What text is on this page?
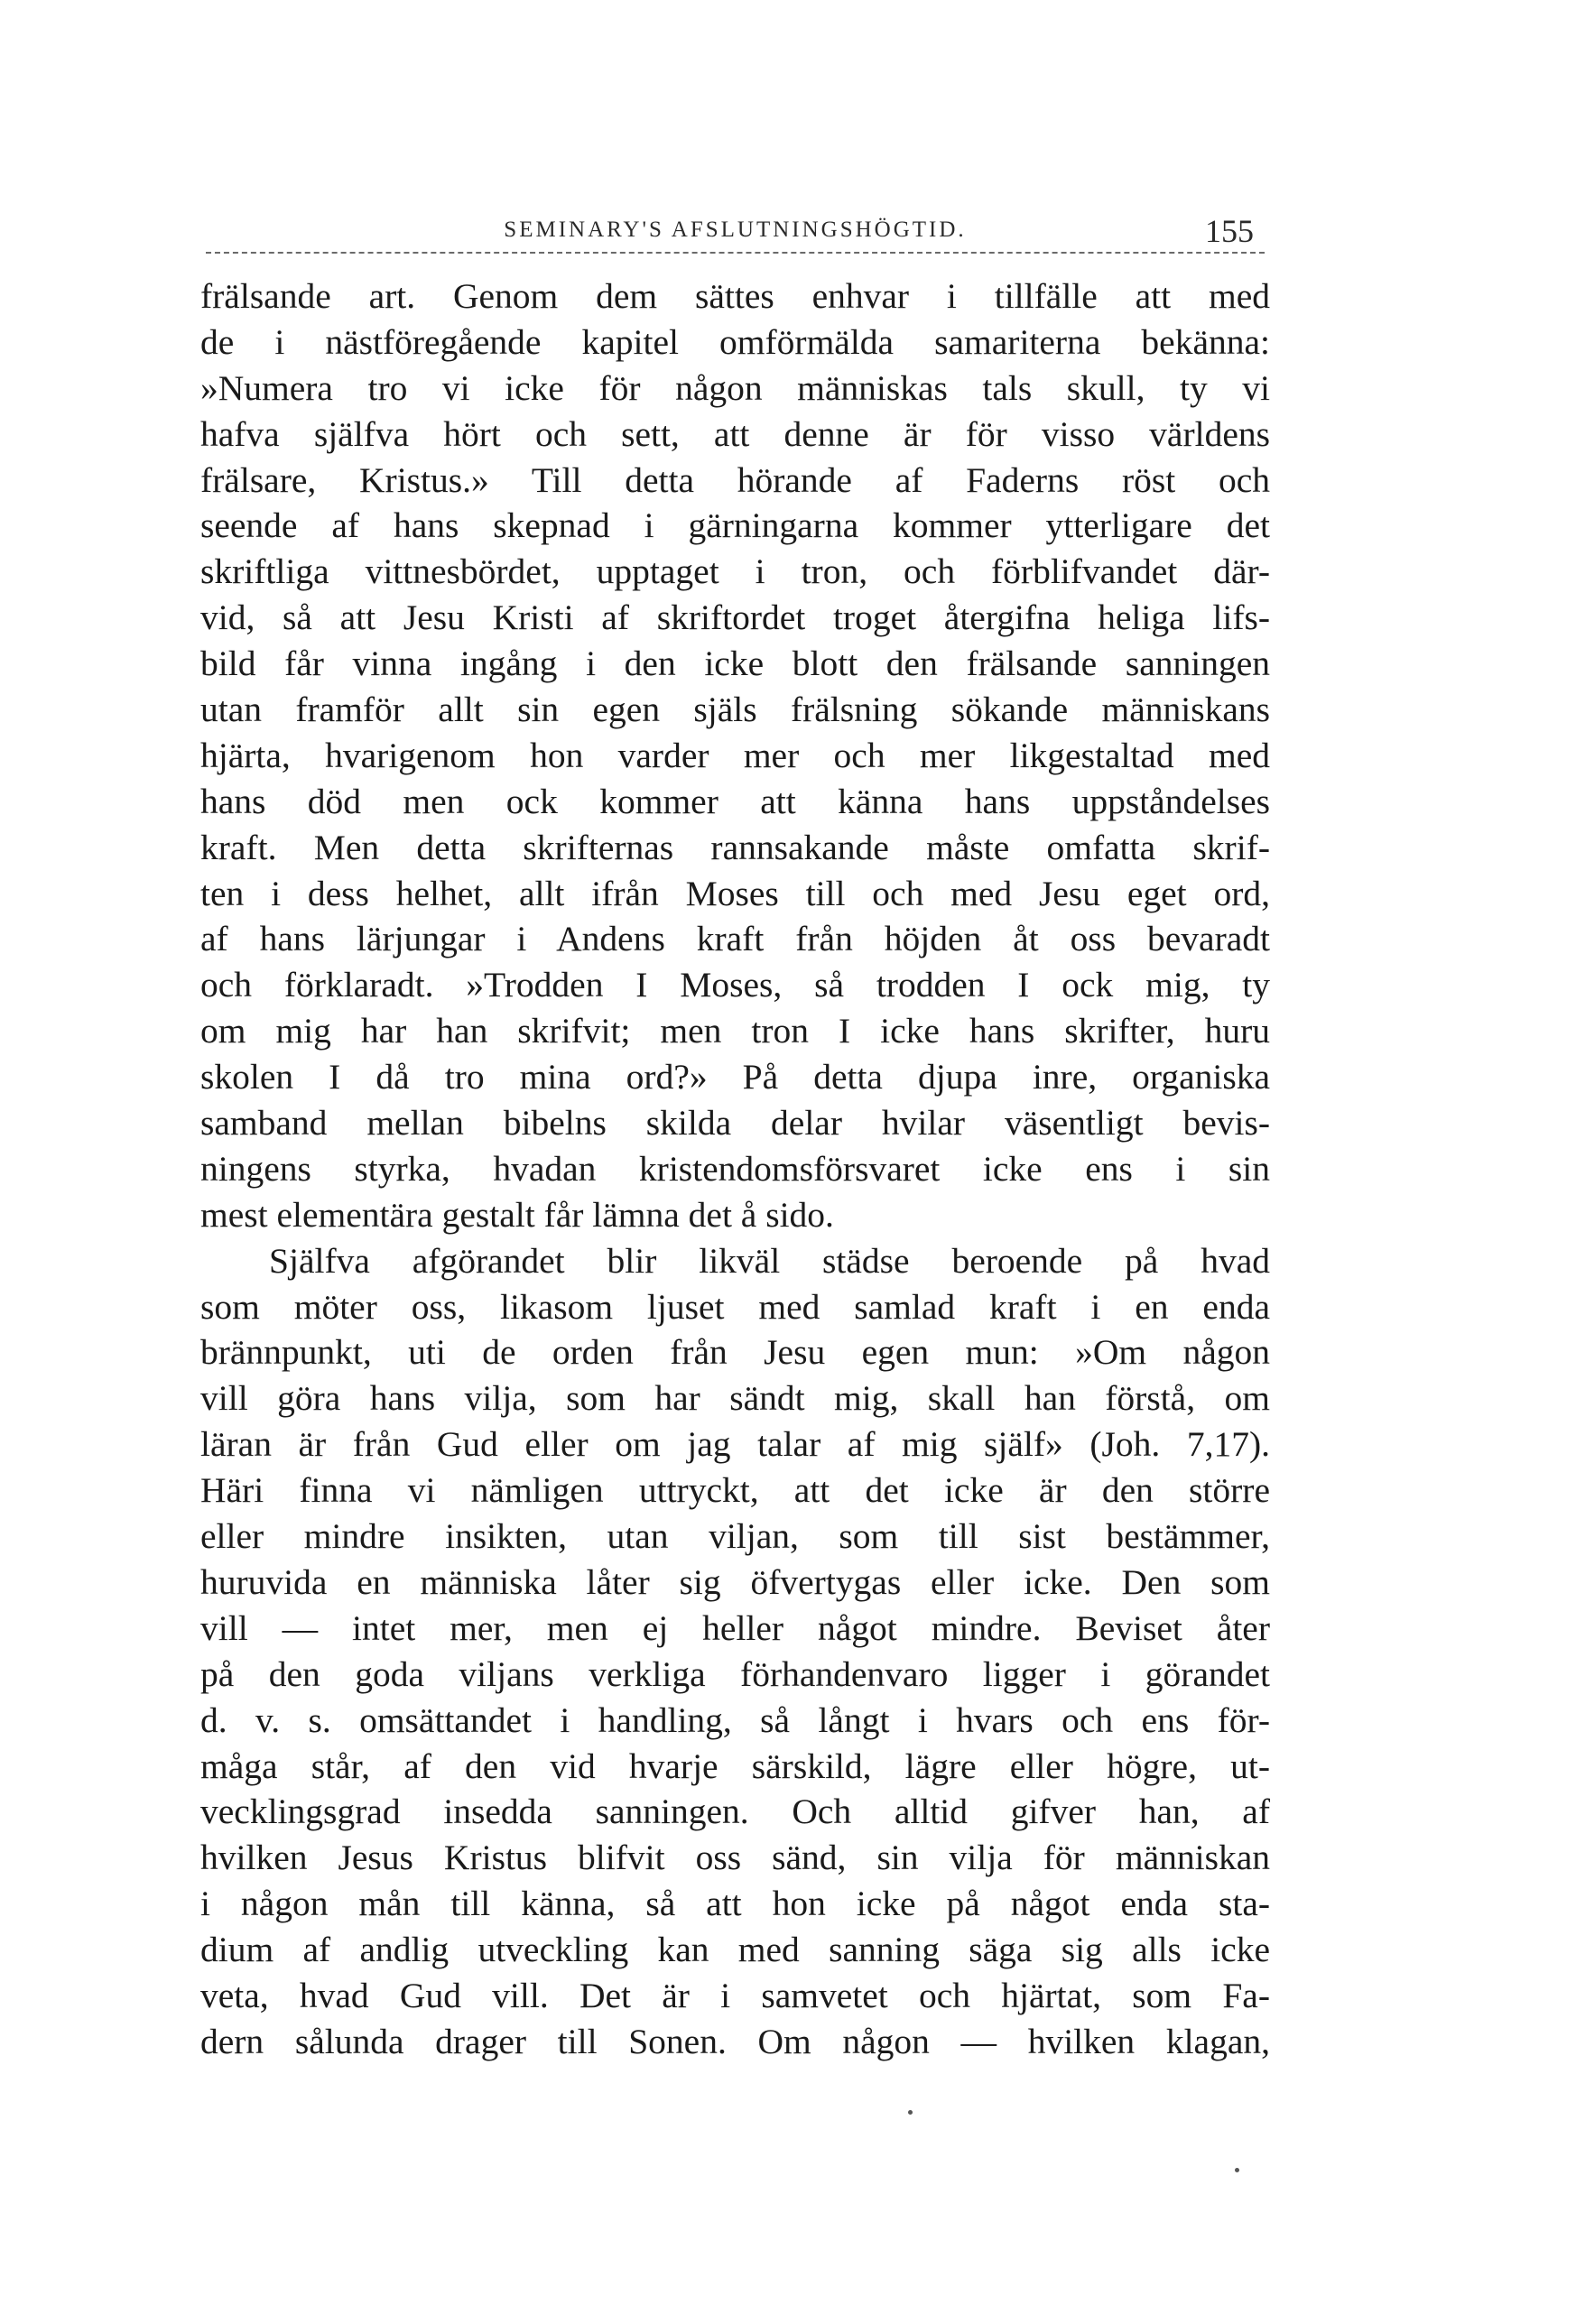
SEMINARY'S AFSLUTNINGSHÖGTID.	155
frälsande art. Genom dem sättes enhvar i tillfälle att med
de i nästföregående kapitel omförmälda samariterna bekänna:
»Numera tro vi icke för någon människas tals skull, ty vi
hafva själfva hört och sett, att denne är för visso världens
frälsare, Kristus.» Till detta hörande af Faderns röst och
seende af hans skepnad i gärningarna kommer ytterligare det
skriftliga vittnesbördet, upptaget i tron, och förblifvandet där-
vid, så att Jesu Kristi af skriftordet troget återgifna heliga lifs-
bild får vinna ingång i den icke blott den frälsande sanningen
utan framför allt sin egen själs frälsning sökande människans
hjärta, hvarigenom hon varder mer och mer likgestaltad med
hans död men ock kommer att känna hans uppståndelses
kraft. Men detta skrifternas rannsakande måste omfatta skrif-
ten i dess helhet, allt ifrån Moses till och med Jesu eget ord,
af hans lärjungar i Andens kraft från höjden åt oss bevaradt
och förklaradt. »Trodden I Moses, så trodden I ock mig, ty
om mig har han skrifvit; men tron I icke hans skrifter, huru
skolen I då tro mina ord?» På detta djupa inre, organiska
samband mellan bibelns skilda delar hvilar väsentligt bevis-
ningens styrka, hvadan kristendomsförsvaret icke ens i sin
mest elementära gestalt får lämna det å sido.
Själfva afgörandet blir likväl städse beroende på hvad
som möter oss, likasom ljuset med samlad kraft i en enda
brännpunkt, uti de orden från Jesu egen mun: »Om någon
vill göra hans vilja, som har sändt mig, skall han förstå, om
läran är från Gud eller om jag talar af mig själf» (Joh. 7,17).
Häri finna vi nämligen uttryckt, att det icke är den större
eller mindre insikten, utan viljan, som till sist bestämmer,
huruvida en människa låter sig öfvertygas eller icke. Den som
vill — intet mer, men ej heller något mindre. Beviset åter
på den goda viljans verkliga förhandenvaro ligger i görandet
d. v. s. omsättandet i handling, så långt i hvars och ens för-
måga står, af den vid hvarje särskild, lägre eller högre, ut-
vecklingsgrad insedda sanningen. Och alltid gifver han, af
hvilken Jesus Kristus blifvit oss sänd, sin vilja för människan
i någon mån till känna, så att hon icke på något enda sta-
dium af andlig utveckling kan med sanning säga sig alls icke
veta, hvad Gud vill. Det är i samvetet och hjärtat, som Fa-
dern sålunda drager till Sonen. Om någon — hvilken klagan,
